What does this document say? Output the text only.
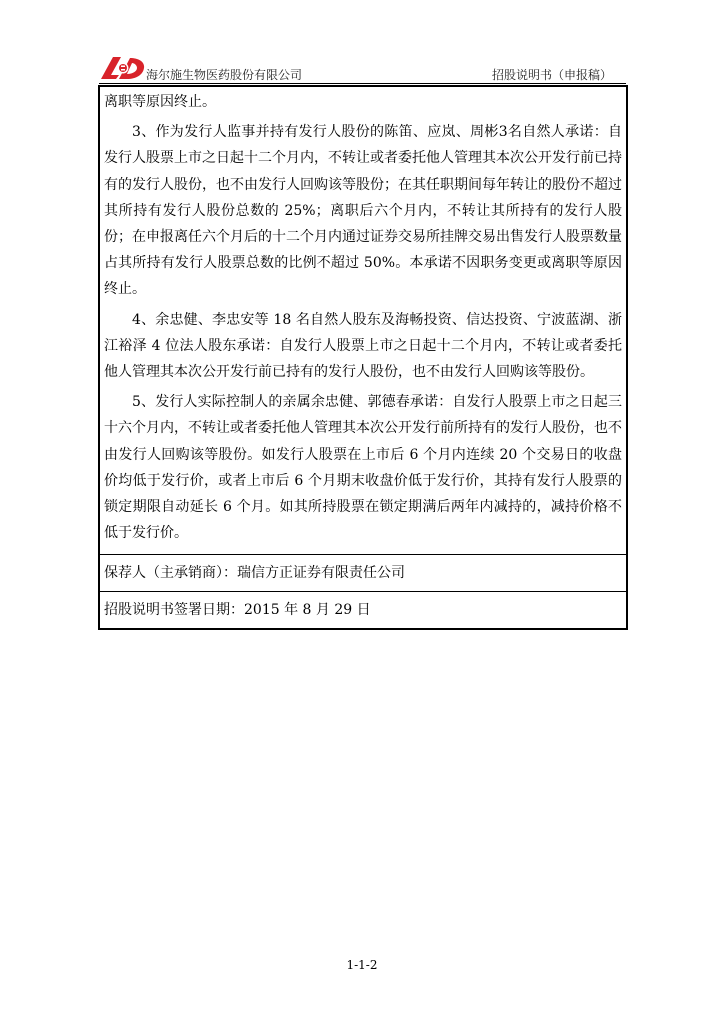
海尔施生物医药股份有限公司	招股说明书（申报稿）

离职等原因终止。

3、作为发行人监事并持有发行人股份的陈笛、应岚、周彬3名自然人承诺：自发行人股票上市之日起十二个月内，不转让或者委托他人管理其本次公开发行前已持有的发行人股份，也不由发行人回购该等股份；在其任职期间每年转让的股份不超过其所持有发行人股份总数的 25%；离职后六个月内，不转让其所持有的发行人股份；在申报离任六个月后的十二个月内通过证券交易所挂牌交易出售发行人股票数量占其所持有发行人股票总数的比例不超过 50%。本承诺不因职务变更或离职等原因终止。

4、余忠健、李忠安等 18 名自然人股东及海畅投资、信达投资、宁波蓝湖、浙江裕泽 4 位法人股东承诺：自发行人股票上市之日起十二个月内，不转让或者委托他人管理其本次公开发行前已持有的发行人股份，也不由发行人回购该等股份。

5、发行人实际控制人的亲属余忠健、郭德春承诺：自发行人股票上市之日起三十六个月内，不转让或者委托他人管理其本次公开发行前所持有的发行人股份，也不由发行人回购该等股份。如发行人股票在上市后 6 个月内连续 20 个交易日的收盘价均低于发行价，或者上市后 6 个月期末收盘价低于发行价，其持有发行人股票的锁定期限自动延长 6 个月。如其所持股票在锁定期满后两年内减持的，减持价格不低于发行价。

保荐人（主承销商）：瑞信方正证券有限责任公司
招股说明书签署日期：2015 年 8 月 29 日
1-1-2
